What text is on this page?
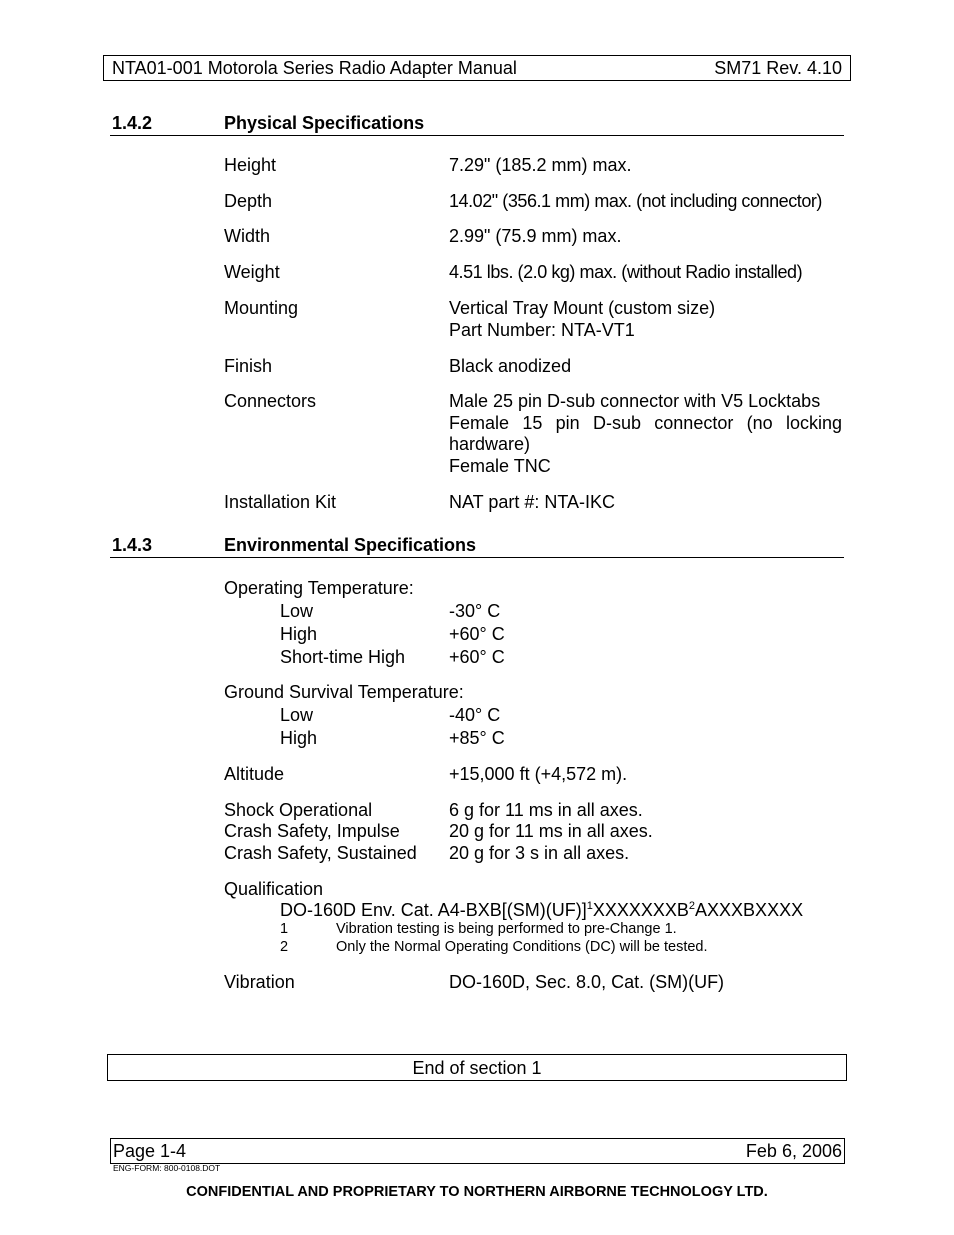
NTA01-001 Motorola Series Radio Adapter Manual	SM71 Rev. 4.10
1.4.2	Physical Specifications
Height	7.29" (185.2 mm) max.
Depth	14.02" (356.1 mm) max. (not including connector)
Width	2.99" (75.9 mm) max.
Weight	4.51 lbs. (2.0 kg) max. (without Radio installed)
Mounting	Vertical Tray Mount (custom size)
Part Number: NTA-VT1
Finish	Black anodized
Connectors	Male 25 pin D-sub connector with V5 Locktabs
Female 15 pin D-sub connector (no locking
hardware)
Female TNC
Installation Kit	NAT part #: NTA-IKC
1.4.3	Environmental Specifications
Operating Temperature:
Low	-30° C
High	+60° C
Short-time High +60° C
Ground Survival Temperature:
Low	-40° C
High	+85° C
Altitude	+15,000 ft (+4,572 m).
Shock Operational	6 g for 11 ms in all axes.
Crash Safety, Impulse	20 g for 11 ms in all axes.
Crash Safety, Sustained 20 g for 3 s in all axes.
Qualification
DO-160D Env. Cat. $A4-BXB[(SM)(UF)]^1XXXXXXXB^2AXXXBXXXX$
1	Vibration testing is being performed to pre-Change 1.
2	Only the Normal Operating Conditions (DC) will be tested.
Vibration	DO-160D, Sec. 8.0, Cat. (SM)(UF)
End of section 1
Page 1-4	Feb 6, 2006
ENG-FORM: 800-0108.DOT
CONFIDENTIAL AND PROPRIETARY TO NORTHERN AIRBORNE TECHNOLOGY LTD.
